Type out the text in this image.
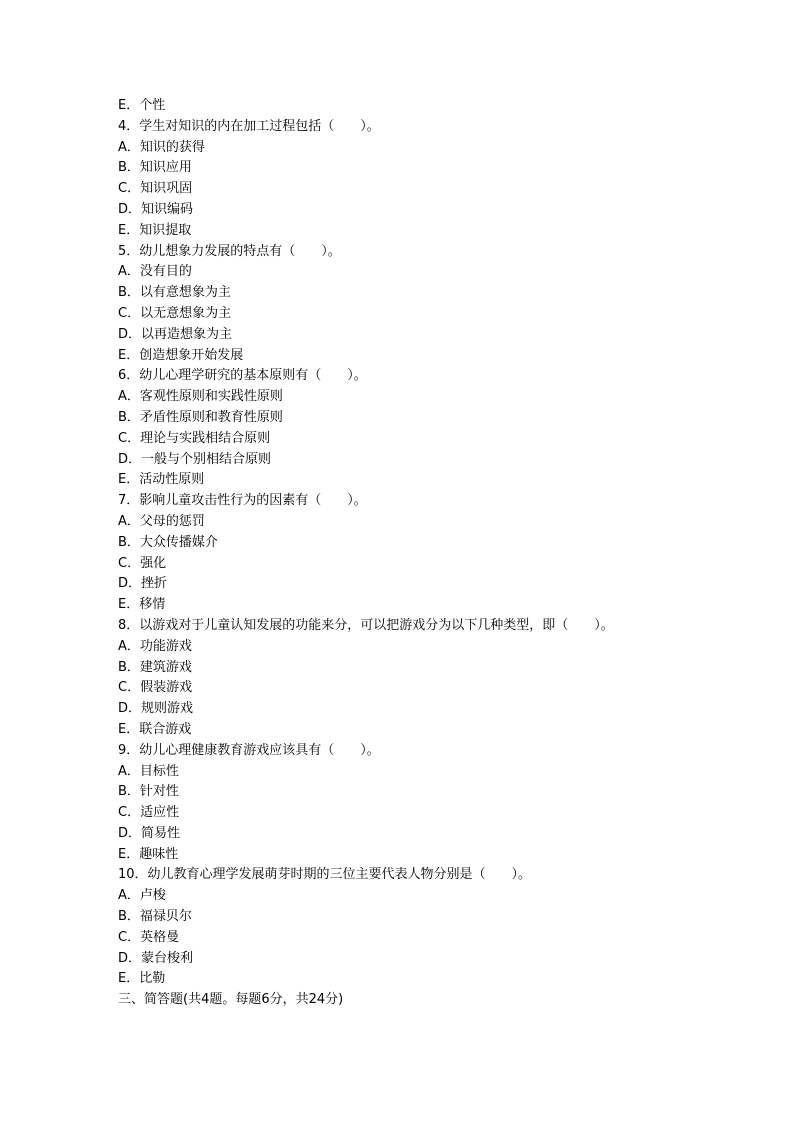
E．个性
4．学生对知识的内在加工过程包括（　　）。
A．知识的获得
B．知识应用
C．知识巩固
D．知识编码
E．知识提取
5．幼儿想象力发展的特点有（　　）。
A．没有目的
B．以有意想象为主
C．以无意想象为主
D．以再造想象为主
E．创造想象开始发展
6．幼儿心理学研究的基本原则有（　　）。
A．客观性原则和实践性原则
B．矛盾性原则和教育性原则
C．理论与实践相结合原则
D．一般与个别相结合原则
E．活动性原则
7．影响儿童攻击性行为的因素有（　　）。
A．父母的惩罚
B．大众传播媒介
C．强化
D．挫折
E．移情
8．以游戏对于儿童认知发展的功能来分，可以把游戏分为以下几种类型，即（　　）。
A．功能游戏
B．建筑游戏
C．假装游戏
D．规则游戏
E．联合游戏
9．幼儿心理健康教育游戏应该具有（　　）。
A．目标性
B．针对性
C．适应性
D．简易性
E．趣味性
10．幼儿教育心理学发展萌芽时期的三位主要代表人物分别是（　　）。
A．卢梭
B．福禄贝尔
C．英格曼
D．蒙台梭利
E．比勒
三、简答题(共4题。每题6分，共24分)
